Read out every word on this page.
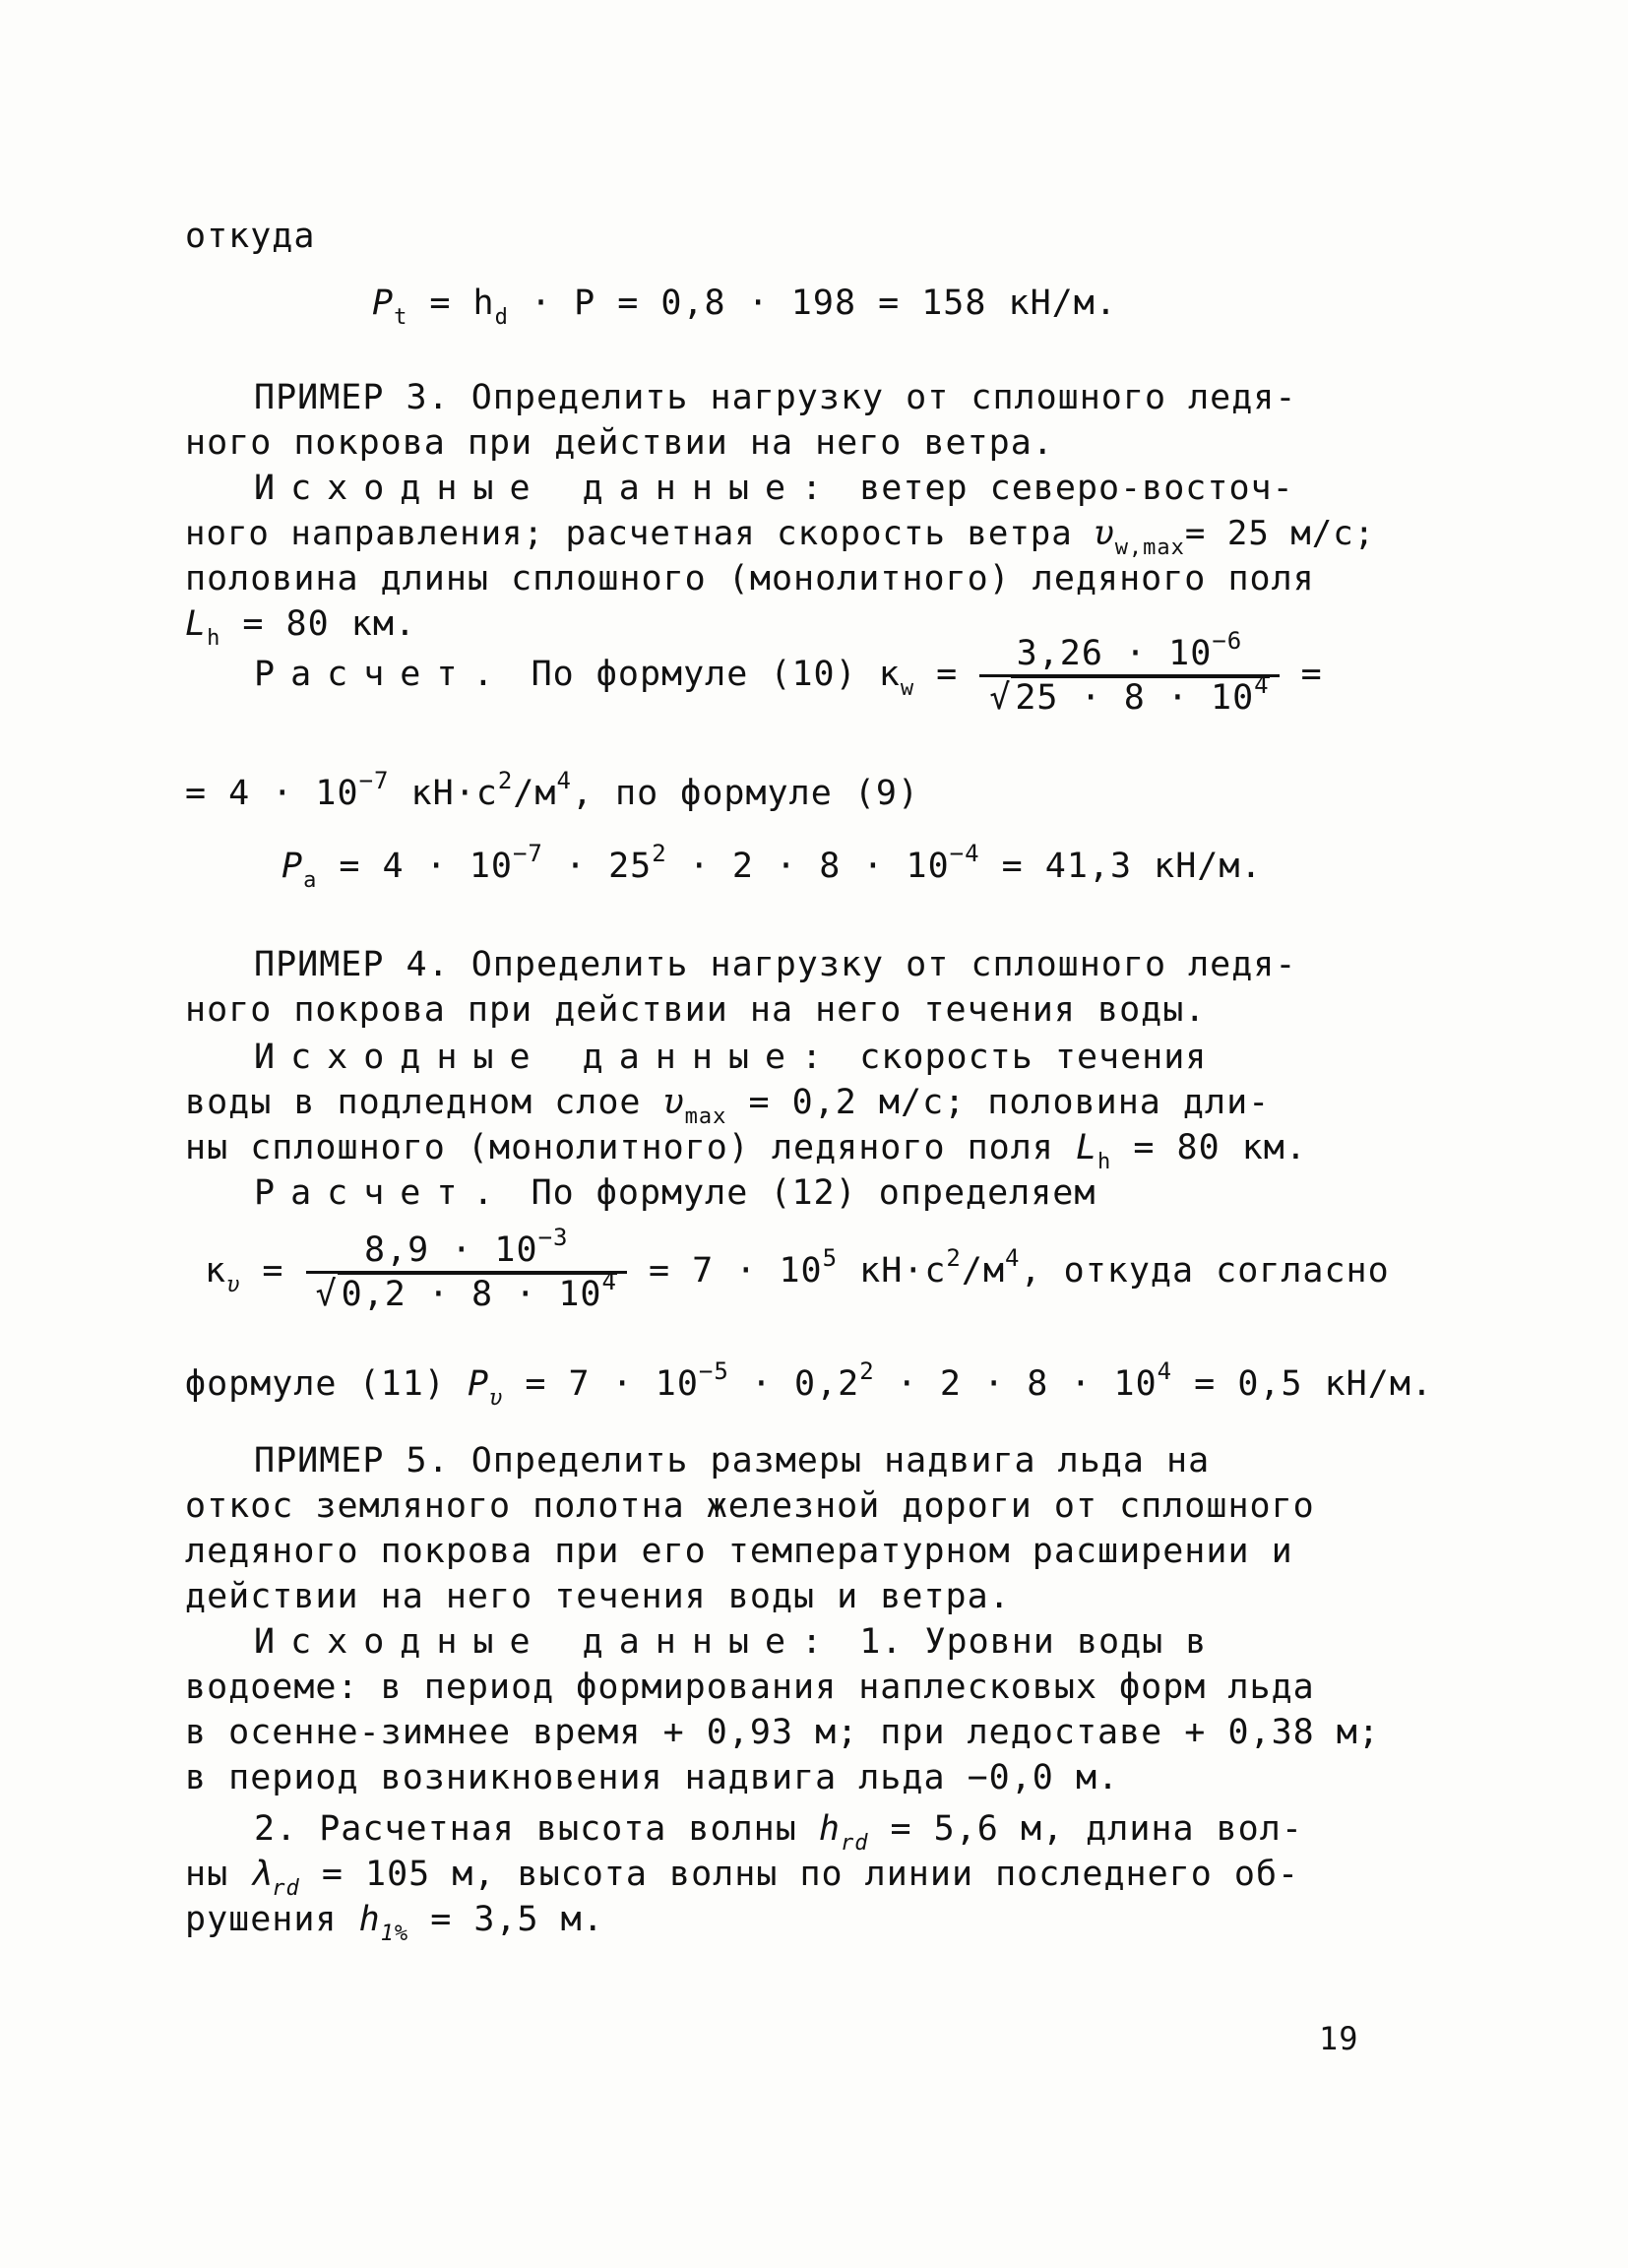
откуда
$P_t = h_d \cdot P = 0,8 \cdot 198 = 158$ кН/м.
ПРИМЕР 3. Определить нагрузку от сплошного ледя-
ного покрова при действии на него ветра.
Исходные данные: ветер северо-восточ-
ного направления; расчетная скорость ветра $\upsilon_{w,max}= 25$ м/с;
половина длины сплошного (монолитного) ледяного поля
$L_h = 80$ км.
Расчет. По формуле (10) $к_w = \frac{3,26 \cdot 10^{-6}}{√ 25 \cdot 8 \cdot 10^4}$ =
= $4 \cdot 10^{-7}$ $кН\cdot с^2/м^4$, по формуле (9)
$P_a = 4 \cdot 10^{-7} \cdot 25^2 \cdot 2 \cdot 8 \cdot 10^{-4} = 41,3$ кН/м.
ПРИМЕР 4. Определить нагрузку от сплошного ледя-
ного покрова при действии на него течения воды.
Исходные данные: скорость течения
воды в подледном слое $\upsilon_{max} = 0,2$ м/с; половина дли-
ны сплошного (монолитного) ледяного поля $L_h = 80$ км.
Расчет. По формуле (12) определяем
$к_\upsilon = \frac{8,9 \cdot 10^{-3}}{√ 0,2 \cdot 8 \cdot 10^4} = 7 \cdot 10^5$ $кН\cdot с^2/м^4$, откуда согласно
формуле (11) $P_\upsilon = 7 \cdot 10^{-5} \cdot 0,2^2 \cdot 2 \cdot 8 \cdot 10^4 = 0,5$ кН/м.
ПРИМЕР 5. Определить размеры надвига льда на
откос земляного полотна железной дороги от сплошного
ледяного покрова при его температурном расширении и
действии на него течения воды и ветра.
Исходные данные: 1. Уровни воды в
водоеме: в период формирования наплесковых форм льда
в осенне-зимнее время + 0,93 м; при ледоставе + 0,38 м;
в период возникновения надвига льда −0,0 м.
2. Расчетная высота волны $h_{rd} = 5,6$ м, длина вол-
ны $\lambda_{rd} = 105$ м, высота волны по линии последнего об-
рушения $h_{1\%} = 3,5$ м.
19
